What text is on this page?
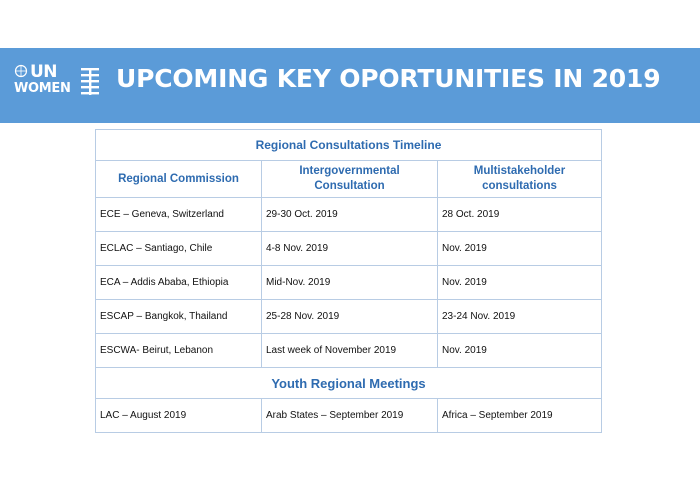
UN
WOMEN UPCOMING KEY OPORTUNITIES IN 2019
Regional Consultations Timeline		
Regional Commission	Intergovernmental Consultation	Multistakeholder consultations
ECE – Geneva, Switzerland	29-30 Oct. 2019	28 Oct. 2019
ECLAC – Santiago, Chile	4-8 Nov. 2019	Nov. 2019
ECA – Addis Ababa, Ethiopia	Mid-Nov. 2019	Nov. 2019
ESCAP – Bangkok, Thailand	25-28 Nov. 2019	23-24 Nov. 2019
ESCWA- Beirut, Lebanon	Last week of November 2019	Nov. 2019
Youth Regional Meetings		
LAC – August 2019	Arab States – September 2019	Africa – September 2019
